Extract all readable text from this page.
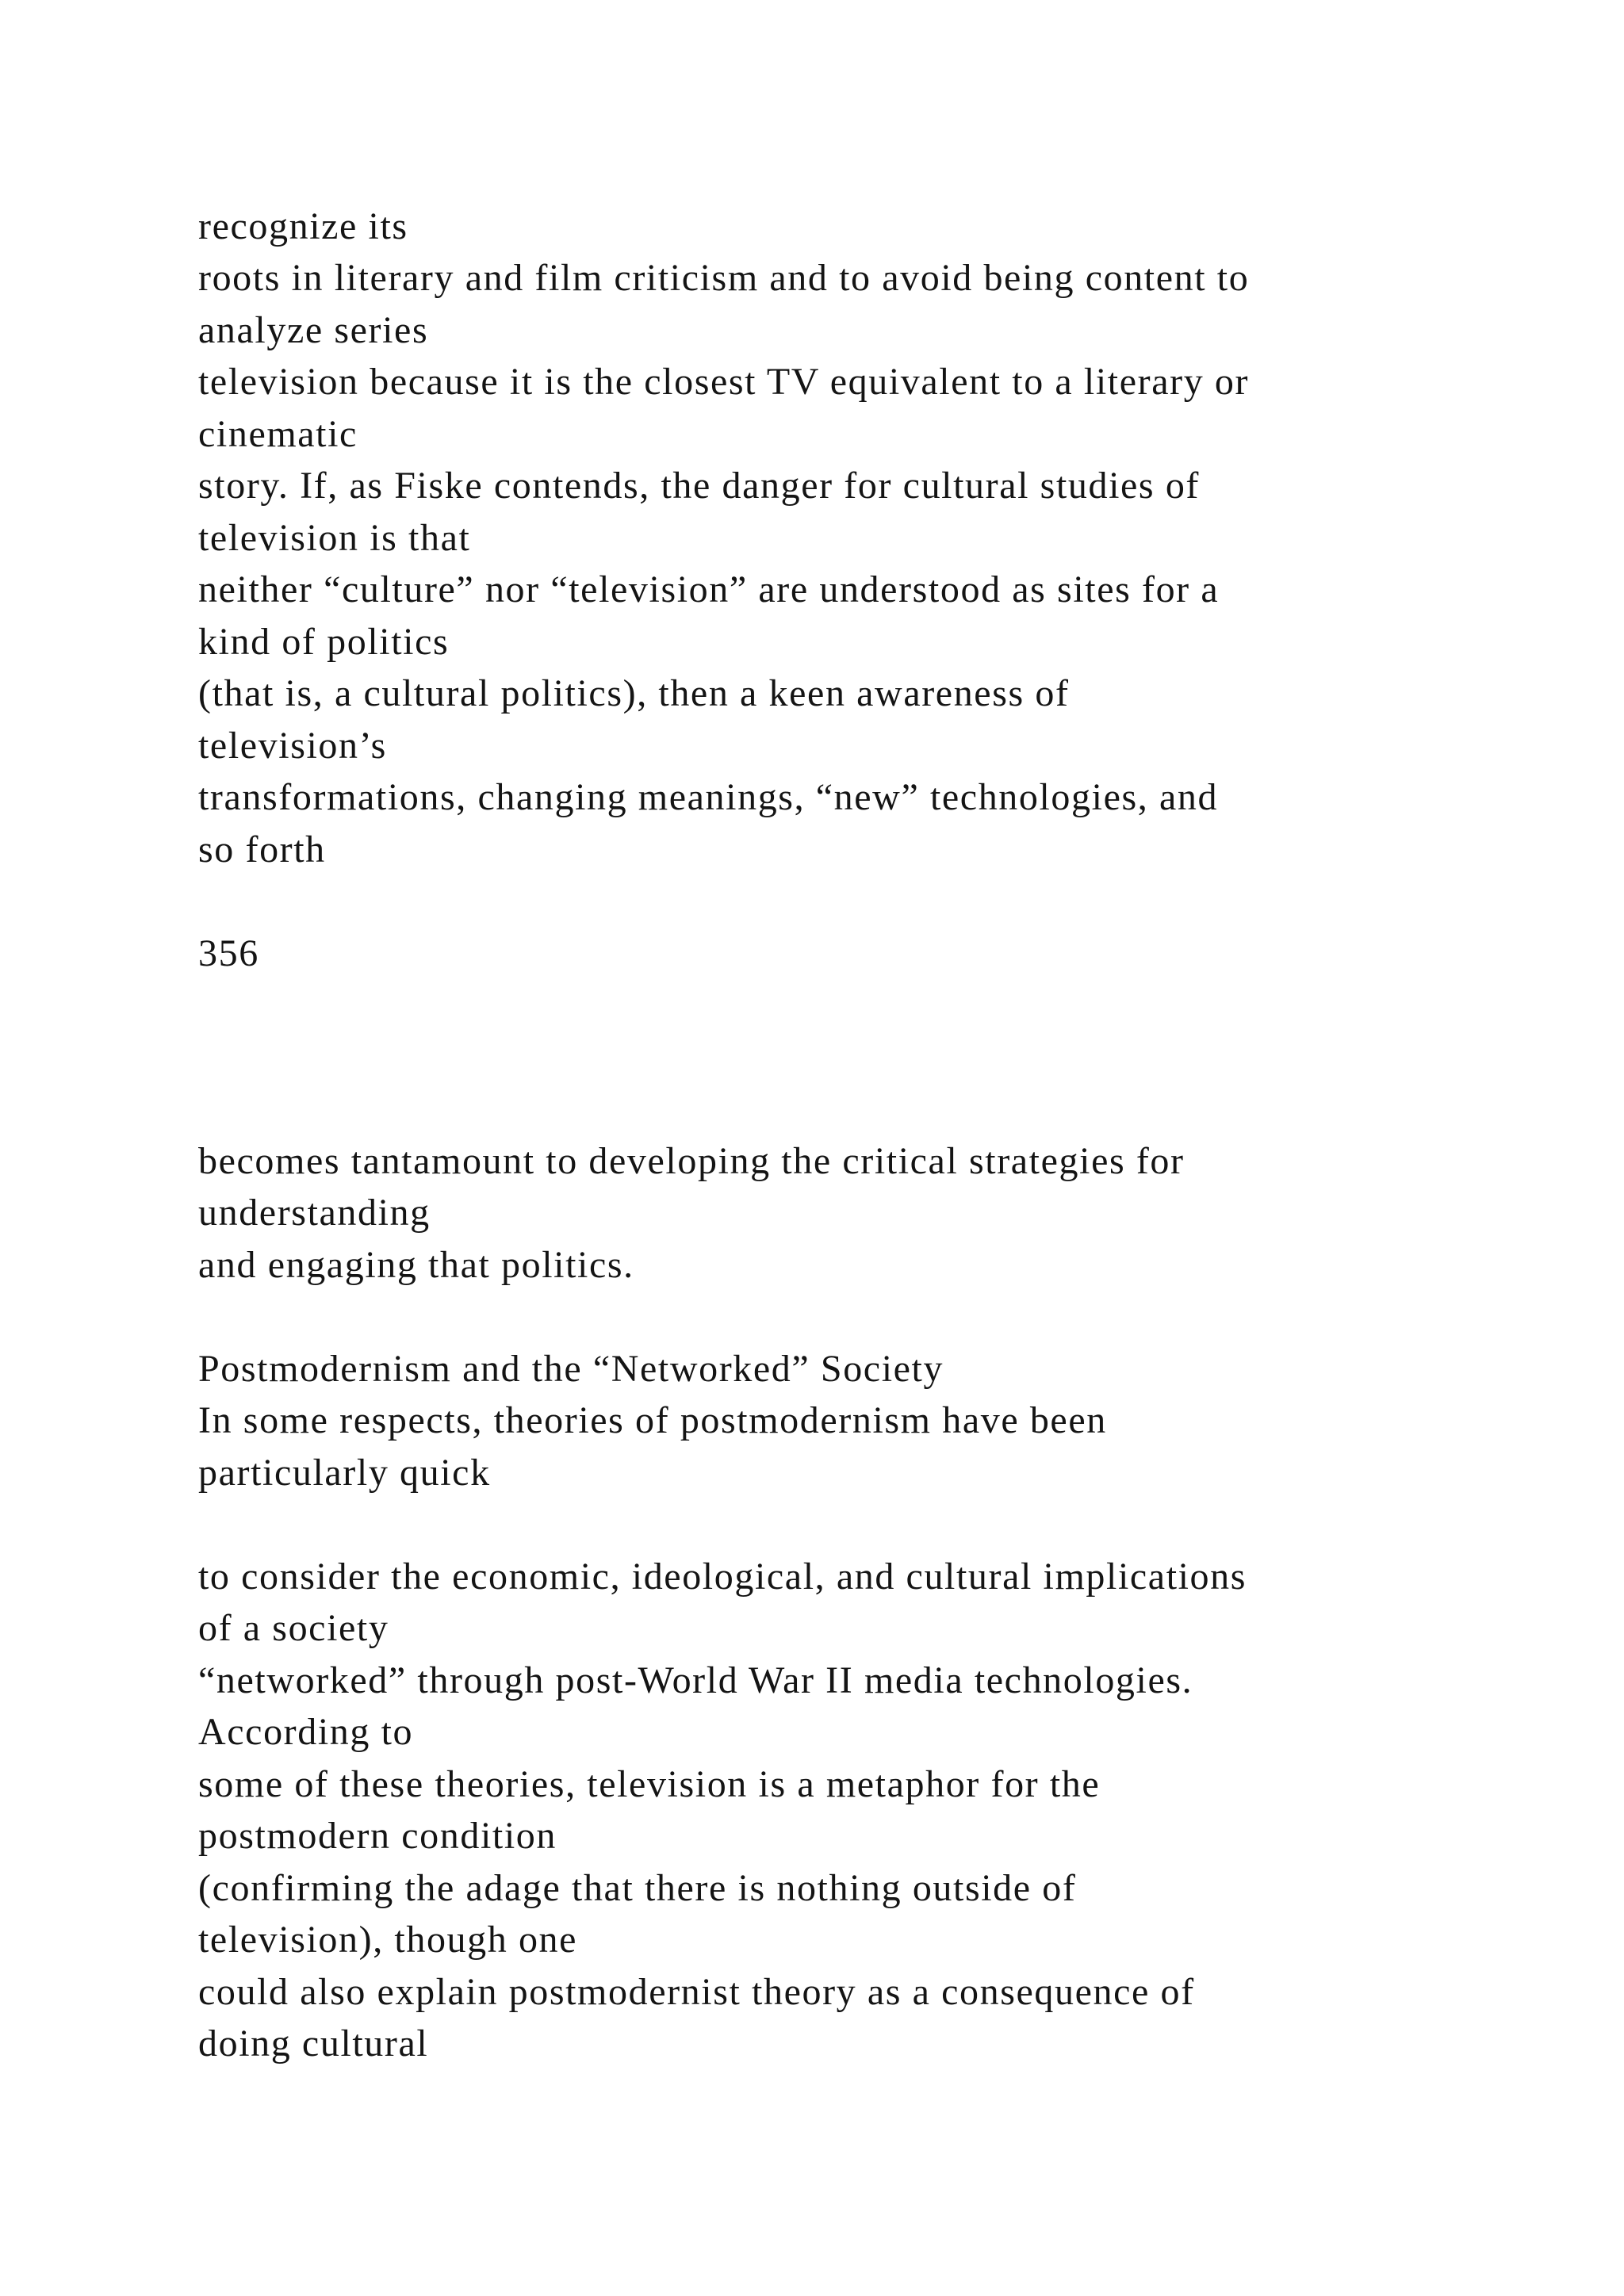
recognize its

roots in literary and film criticism and to avoid being content to

analyze series

television because it is the closest TV equivalent to a literary or

cinematic

story. If, as Fiske contends, the danger for cultural studies of

television is that

neither “culture” nor “television” are understood as sites for a

kind of politics

(that is, a cultural politics), then a keen awareness of

television’s

transformations, changing meanings, “new” technologies, and

so forth

356

becomes tantamount to developing the critical strategies for

understanding

and engaging that politics.

Postmodernism and the “Networked” Society

In some respects, theories of postmodernism have been

particularly quick

to consider the economic, ideological, and cultural implications

of a society

“networked” through post-World War II media technologies.

According to

some of these theories, television is a metaphor for the

postmodern condition

(confirming the adage that there is nothing outside of

television), though one

could also explain postmodernist theory as a consequence of

doing cultural
